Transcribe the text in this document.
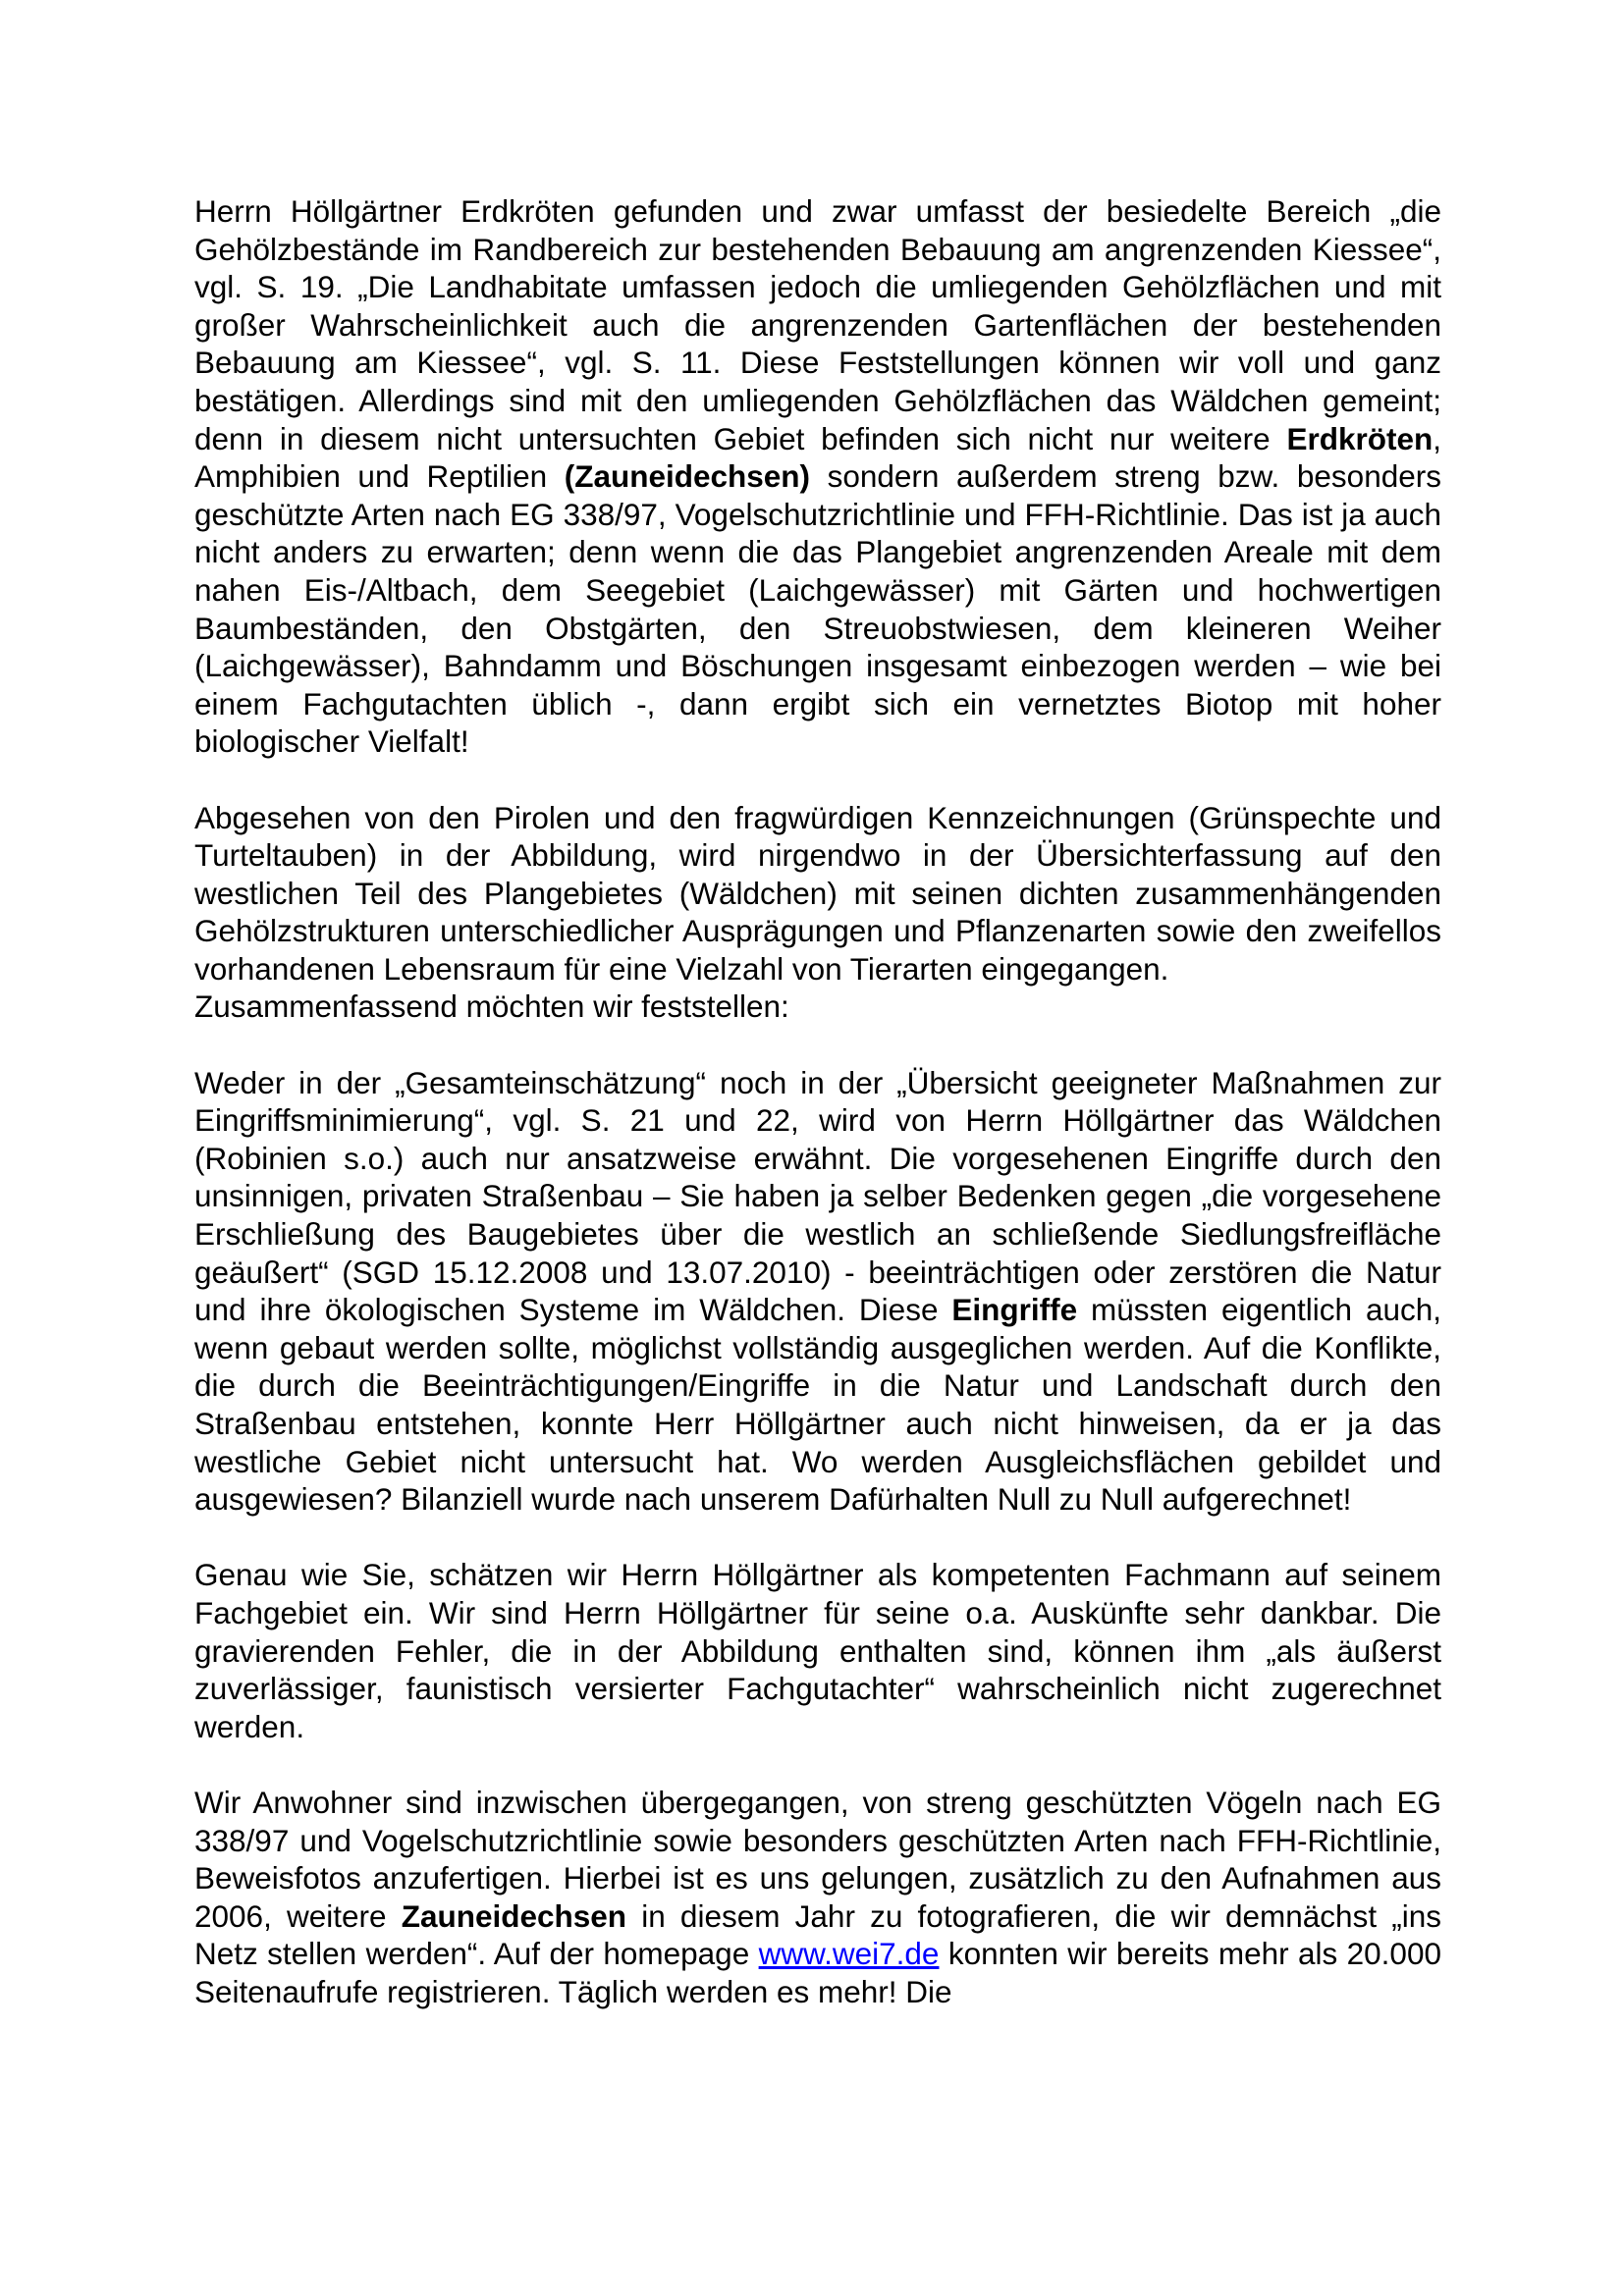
Herrn Höllgärtner Erdkröten gefunden und zwar umfasst der besiedelte Bereich „die Gehölzbestände im Randbereich zur bestehenden Bebauung am angrenzenden Kiessee“, vgl. S. 19. „Die Landhabitate umfassen jedoch die umliegenden Gehölzflächen und mit großer Wahrscheinlichkeit auch die angrenzenden Gartenflächen der bestehenden Bebauung am Kiessee“, vgl. S. 11. Diese Feststellungen können wir voll und ganz bestätigen. Allerdings sind mit den umliegenden Gehölzflächen das Wäldchen gemeint; denn in diesem nicht untersuchten Gebiet befinden sich nicht nur weitere Erdkröten, Amphibien und Reptilien (Zauneidechsen) sondern außerdem streng bzw. besonders geschützte Arten nach EG 338/97, Vogelschutzrichtlinie und FFH-Richtlinie. Das ist ja auch nicht anders zu erwarten; denn wenn die das Plangebiet angrenzenden Areale mit dem nahen Eis-/Altbach, dem Seegebiet (Laichgewässer) mit Gärten und hochwertigen Baumbeständen, den Obstgärten, den Streuobstwiesen, dem kleineren Weiher (Laichgewässer), Bahndamm und Böschungen insgesamt einbezogen werden – wie bei einem Fachgutachten üblich -, dann ergibt sich ein vernetztes Biotop mit hoher biologischer Vielfalt!

Abgesehen von den Pirolen und den fragwürdigen Kennzeichnungen (Grünspechte und Turteltauben) in der Abbildung, wird nirgendwo in der Übersichterfassung auf den westlichen Teil des Plangebietes (Wäldchen) mit seinen dichten zusammenhängenden Gehölzstrukturen unterschiedlicher Ausprägungen und Pflanzenarten sowie den zweifellos vorhandenen Lebensraum für eine Vielzahl von Tierarten eingegangen.

Zusammenfassend möchten wir feststellen:

Weder in der „Gesamteinschätzung“ noch in der „Übersicht geeigneter Maßnahmen zur Eingriffsminimierung“, vgl. S. 21 und 22, wird von Herrn Höllgärtner das Wäldchen (Robinien s.o.) auch nur ansatzweise erwähnt. Die vorgesehenen Eingriffe durch den unsinnigen, privaten Straßenbau – Sie haben ja selber Bedenken gegen „die vorgesehene Erschließung des Baugebietes über die westlich an schließende Siedlungsfreifläche geäußert“ (SGD 15.12.2008 und 13.07.2010) - beeinträchtigen oder zerstören die Natur und ihre ökologischen Systeme im Wäldchen. Diese Eingriffe müssten eigentlich auch, wenn gebaut werden sollte, möglichst vollständig ausgeglichen werden. Auf die Konflikte, die durch die Beeinträchtigungen/Eingriffe in die Natur und Landschaft durch den Straßenbau entstehen, konnte Herr Höllgärtner auch nicht hinweisen, da er ja das westliche Gebiet nicht untersucht hat. Wo werden Ausgleichsflächen gebildet und ausgewiesen? Bilanziell wurde nach unserem Dafürhalten Null zu Null aufgerechnet!

Genau wie Sie, schätzen wir Herrn Höllgärtner als kompetenten Fachmann auf seinem Fachgebiet ein. Wir sind Herrn Höllgärtner für seine o.a. Auskünfte sehr dankbar. Die gravierenden Fehler, die in der Abbildung enthalten sind, können ihm „als äußerst zuverlässiger, faunistisch versierter Fachgutachter“ wahrscheinlich nicht zugerechnet werden.

Wir Anwohner sind inzwischen übergegangen, von streng geschützten Vögeln nach EG 338/97 und Vogelschutzrichtlinie sowie besonders geschützten Arten nach FFH-Richtlinie, Beweisfotos anzufertigen. Hierbei ist es uns gelungen, zusätzlich zu den Aufnahmen aus 2006, weitere Zauneidechsen in diesem Jahr zu fotografieren, die wir demnächst „ins Netz stellen werden“. Auf der homepage www.wei7.de konnten wir bereits mehr als 20.000 Seitenaufrufe registrieren. Täglich werden es mehr! Die
